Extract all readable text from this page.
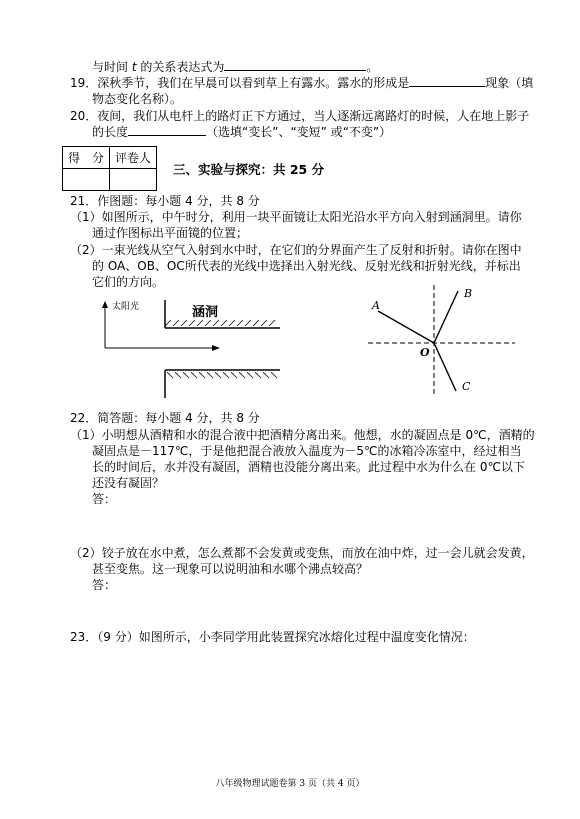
与时间 t 的关系表达式为	。
19．深秋季节，我们在早晨可以看到草上有露水。露水的形成是	现象（填
物态变化名称）。
20．夜间，我们从电杆上的路灯正下方通过，当人逐渐远离路灯的时候，人在地上影子
的长度	（选填“变长”、“变短” 或“不变”）
得　分	评卷人

三、实验与探究：共 25 分
21．作图题：每小题 4 分，共 8 分
（1）如图所示，中午时分，利用一块平面镜让太阳光沿水平方向入射到涵洞里。请你
通过作图标出平面镜的位置；
（2）一束光线从空气入射到水中时，在它们的分界面产生了反射和折射。请你在图中
的 OA、OB、OC所代表的光线中选择出入射光线、反射光线和折射光线，并标出
它们的方向。
太阳光	涵洞	A
B
C
O
22．简答题：每小题 4 分，共 8 分
（1）小明想从酒精和水的混合液中把酒精分离出来。他想，水的凝固点是 0℃，酒精的
凝固点是－117℃，于是他把混合液放入温度为－5℃的冰箱冷冻室中，经过相当
长的时间后，水并没有凝固，酒精也没能分离出来。此过程中水为什么在 0℃以下
还没有凝固？
答：
（2）铰子放在水中煮，怎么煮都不会发黄或变焦，而放在油中炸，过一会儿就会发黄，
甚至变焦。这一现象可以说明油和水哪个沸点较高？
答：
23．（9 分）如图所示，小李同学用此装置探究冰熔化过程中温度变化情况：
八年级物理试题卷第 3 页（共 4 页）
